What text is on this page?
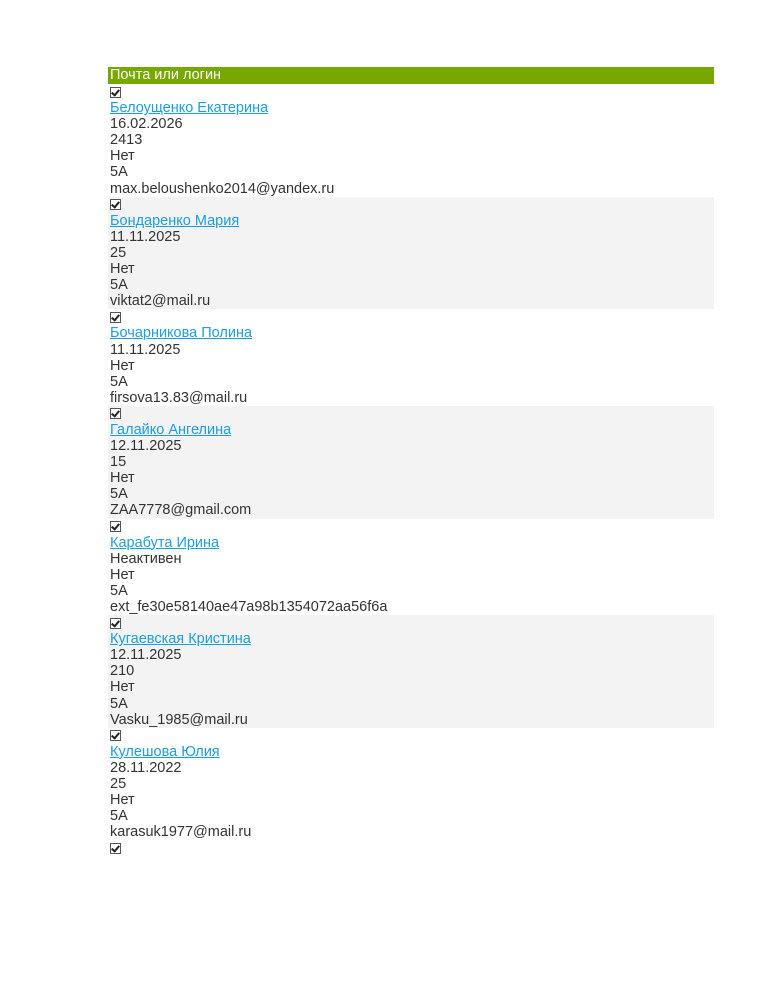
Почта или логин
Белоущенко Екатерина
16.02.2026
2413
Нет
5А
max.beloushenko2014@yandex.ru
Бондаренко Мария
11.11.2025
25
Нет
5А
viktat2@mail.ru
Бочарникова Полина
11.11.2025
Нет
5А
firsova13.83@mail.ru
Галайко Ангелина
12.11.2025
15
Нет
5А
ZAA7778@gmail.com
Карабута Ирина
Неактивен
Нет
5А
ext_fe30e58140ae47a98b1354072aa56f6a
Кугаевская Кристина
12.11.2025
210
Нет
5А
Vasku_1985@mail.ru
Кулешова Юлия
28.11.2022
25
Нет
5А
karasuk1977@mail.ru
